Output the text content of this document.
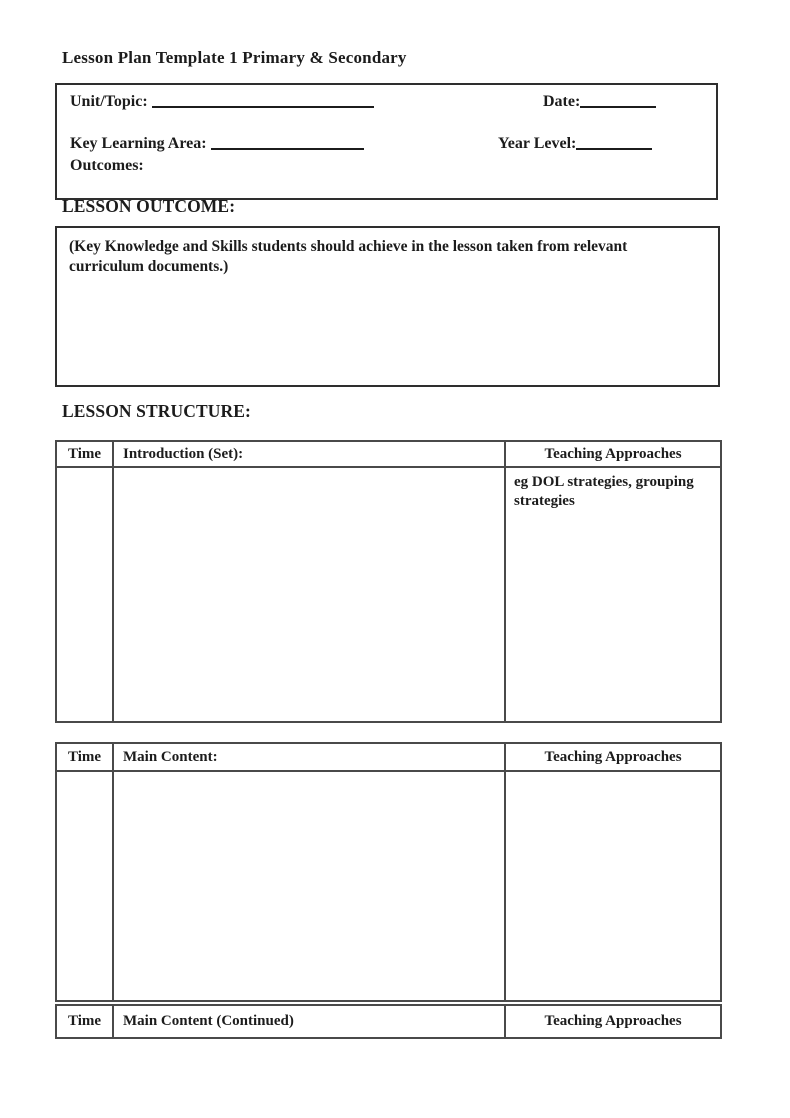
Lesson Plan Template 1 Primary & Secondary
LESSON OUTCOME:
Unit/Topic:	Date:
Key Learning Area:	Year Level:
Outcomes:
(Key Knowledge and Skills students should achieve in the lesson taken from relevant
curriculum documents.)
LESSON STRUCTURE:
Time	Introduction (Set):	Teaching Approaches

		eg DOL strategies, grouping
strategies
Time	Main Content:	Teaching Approaches

Time	Main Content (Continued)	Teaching Approaches
